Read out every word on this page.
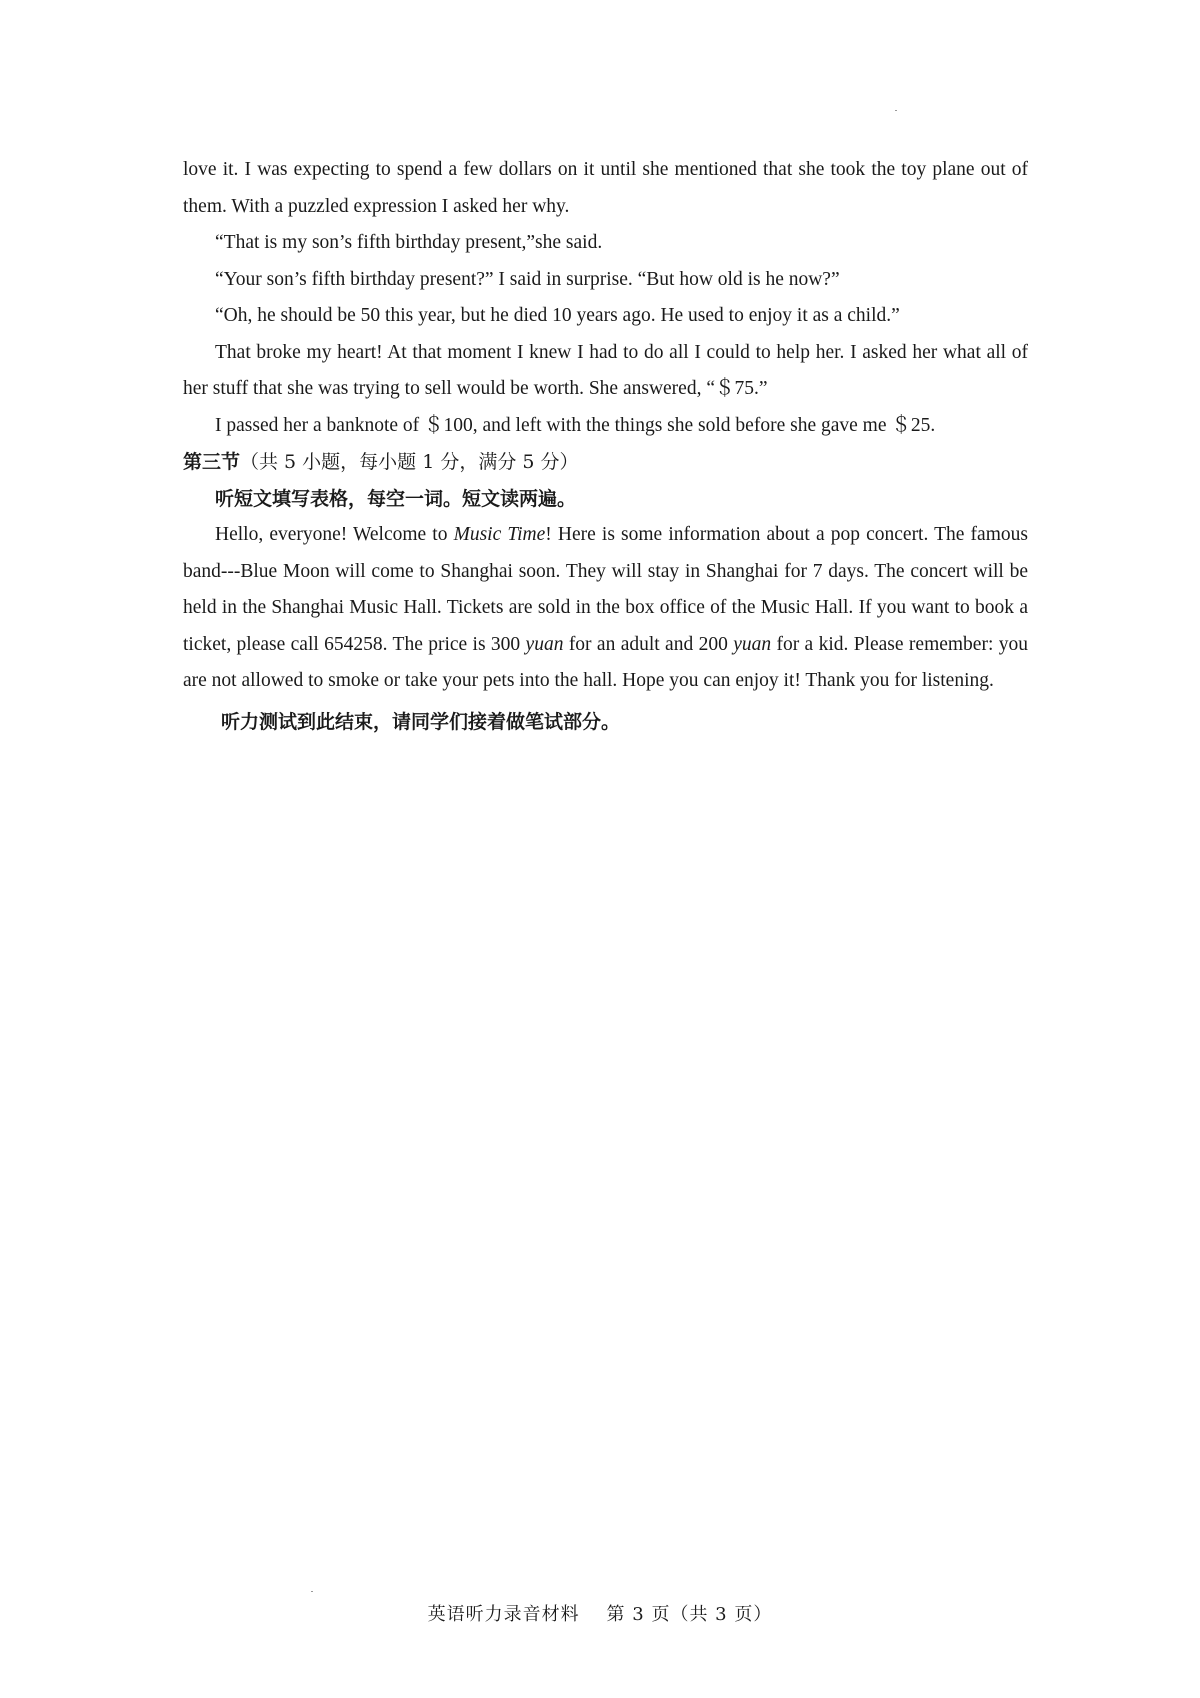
love it. I was expecting to spend a few dollars on it until she mentioned that she took the toy plane out of them. With a puzzled expression I asked her why.

“That is my son’s fifth birthday present,”she said.

“Your son’s fifth birthday present?” I said in surprise. “But how old is he now?”

“Oh, he should be 50 this year, but he died 10 years ago. He used to enjoy it as a child.”

That broke my heart! At that moment I knew I had to do all I could to help her. I asked her what all of her stuff that she was trying to sell would be worth. She answered, “＄75.”

I passed her a banknote of ＄100, and left with the things she sold before she gave me ＄25.

第三节（共 5 小题，每小题 1 分，满分 5 分）

听短文填写表格，每空一词。短文读两遍。

Hello, everyone! Welcome to Music Time! Here is some information about a pop concert. The famous band---Blue Moon will come to Shanghai soon. They will stay in Shanghai for 7 days. The concert will be held in the Shanghai Music Hall. Tickets are sold in the box office of the Music Hall. If you want to book a ticket, please call 654258. The price is 300 yuan for an adult and 200 yuan for a kid. Please remember: you are not allowed to smoke or take your pets into the hall. Hope you can enjoy it! Thank you for listening.

听力测试到此结束，请同学们接着做笔试部分。

英语听力录音材料 第 3 页（共 3 页）
